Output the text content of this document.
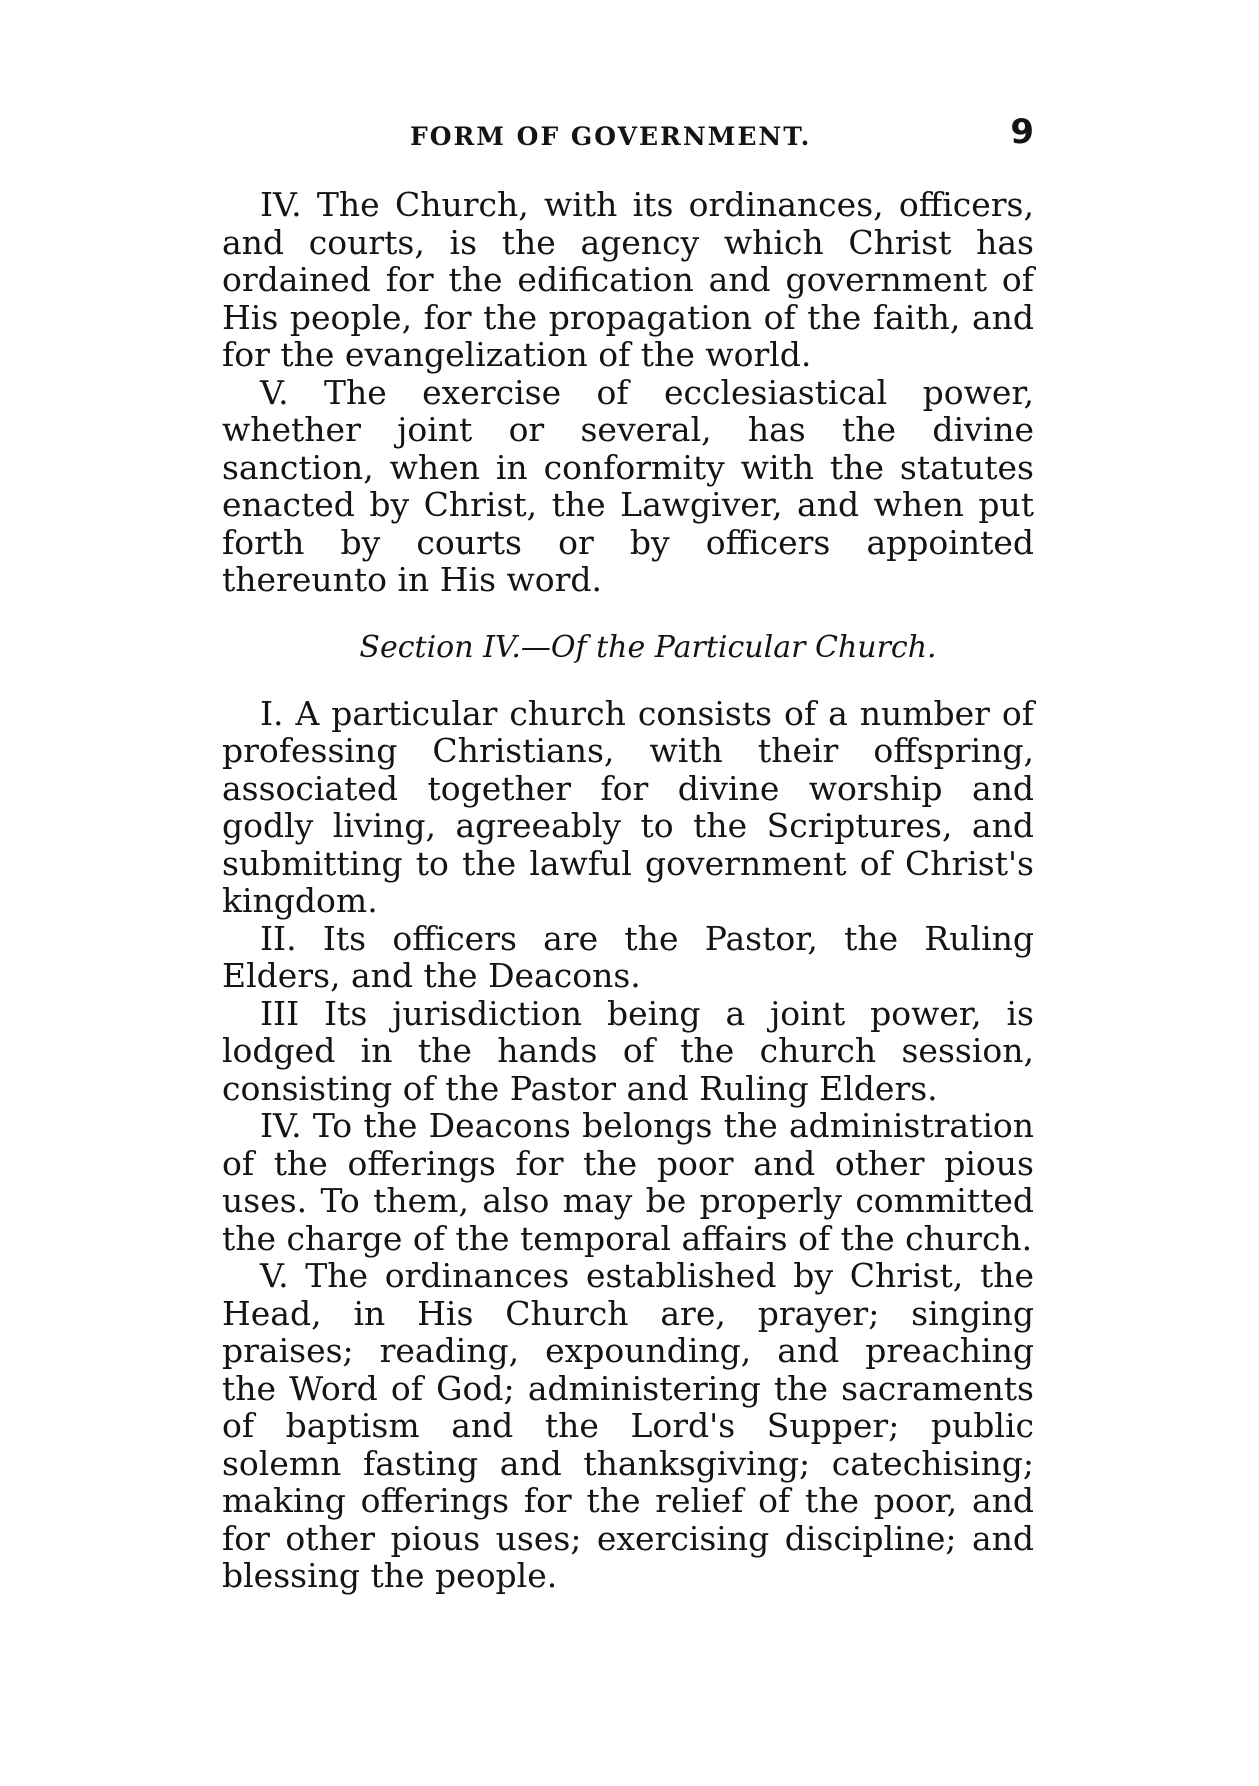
FORM OF GOVERNMENT.	9

IV. The Church, with its ordinances, officers, and courts, is the agency which Christ has ordained for the edification and government of His people, for the propagation of the faith, and for the evangelization of the world.

V. The exercise of ecclesiastical power, whether joint or several, has the divine sanction, when in conformity with the statutes enacted by Christ, the Lawgiver, and when put forth by courts or by officers appointed thereunto in His word.

Section IV.—Of the Particular Church.

I. A particular church consists of a number of professing Christians, with their offspring, associated together for divine worship and godly living, agreeably to the Scriptures, and submitting to the lawful government of Christ's kingdom.

II. Its officers are the Pastor, the Ruling Elders, and the Deacons.

III Its jurisdiction being a joint power, is lodged in the hands of the church session, consisting of the Pastor and Ruling Elders.

IV. To the Deacons belongs the administration of the offerings for the poor and other pious uses. To them, also may be properly committed the charge of the temporal affairs of the church.

V. The ordinances established by Christ, the Head, in His Church are, prayer; singing praises; reading, expounding, and preaching the Word of God; administering the sacraments of baptism and the Lord's Supper; public solemn fasting and thanksgiving; catechising; making offerings for the relief of the poor, and for other pious uses; exercising discipline; and blessing the people.
